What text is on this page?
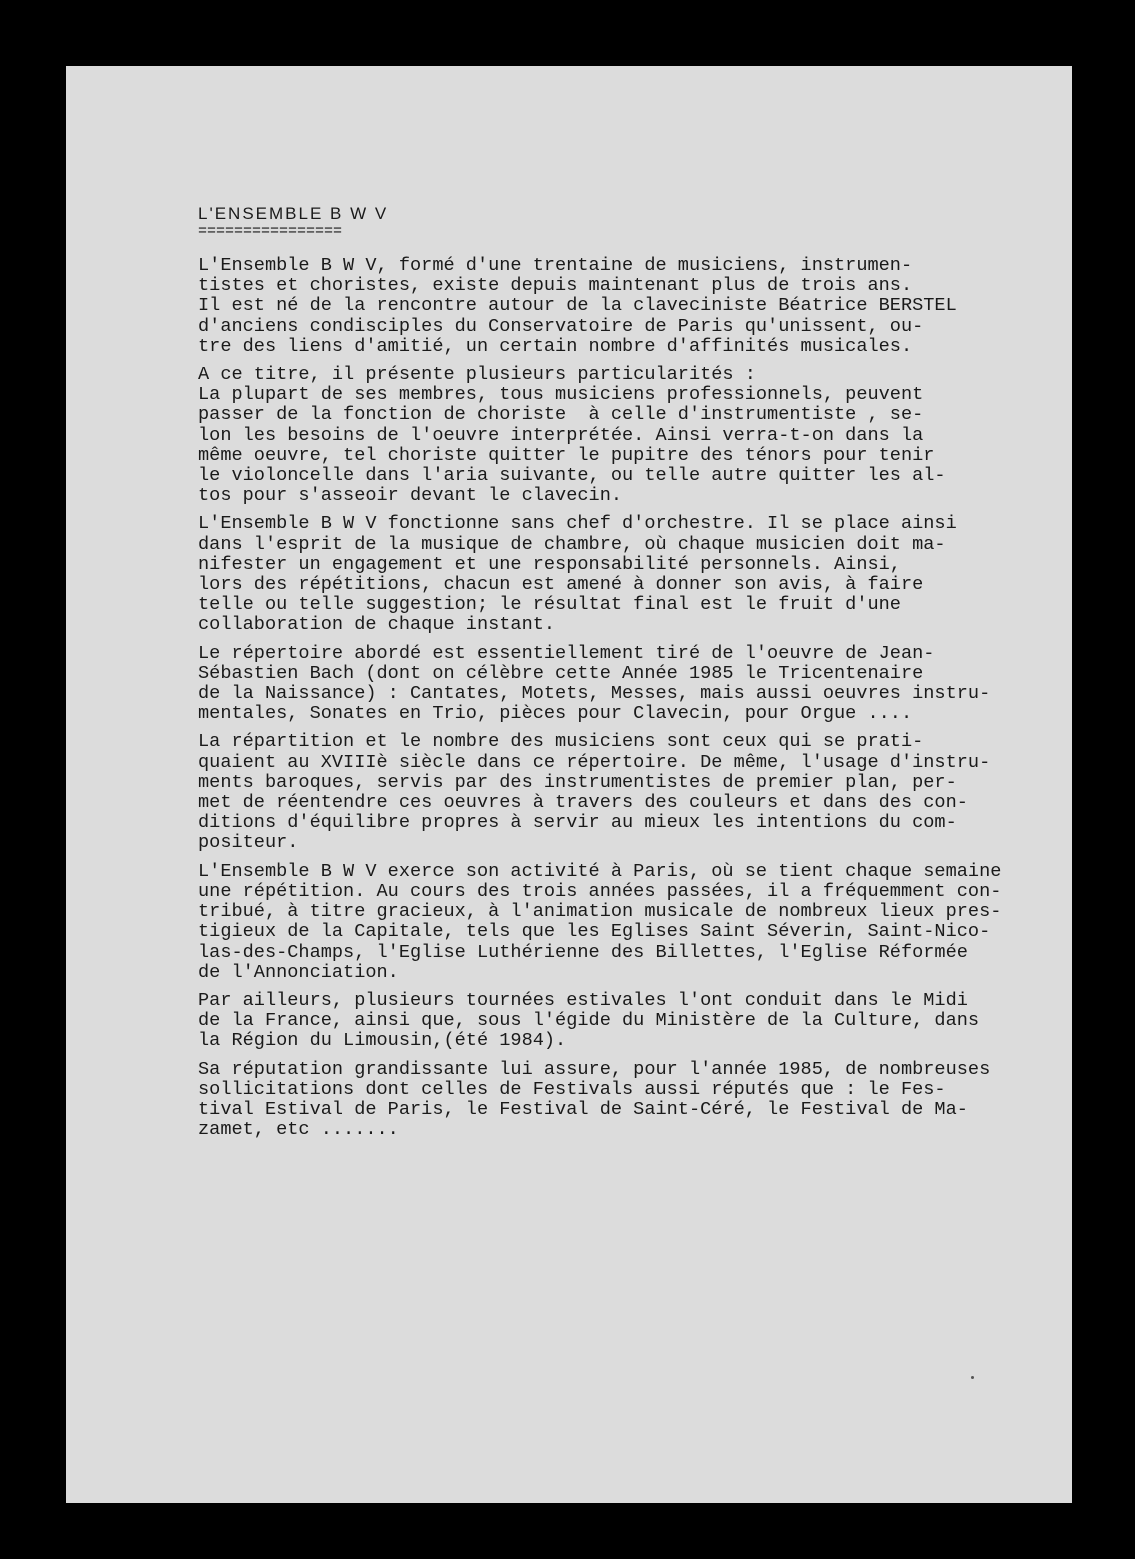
L'ENSEMBLE B W V

================

L'Ensemble B W V, formé d'une trentaine de musiciens, instrumen-
tistes et choristes, existe depuis maintenant plus de trois ans.
Il est né de la rencontre autour de la claveciniste Béatrice BERSTEL
d'anciens condisciples du Conservatoire de Paris qu'unissent, ou-
tre des liens d'amitié, un certain nombre d'affinités musicales.

A ce titre, il présente plusieurs particularités :
La plupart de ses membres, tous musiciens professionnels, peuvent
passer de la fonction de choriste  à celle d'instrumentiste , se-
lon les besoins de l'oeuvre interprétée. Ainsi verra-t-on dans la
même oeuvre, tel choriste quitter le pupitre des ténors pour tenir
le violoncelle dans l'aria suivante, ou telle autre quitter les al-
tos pour s'asseoir devant le clavecin.

L'Ensemble B W V fonctionne sans chef d'orchestre. Il se place ainsi
dans l'esprit de la musique de chambre, où chaque musicien doit ma-
nifester un engagement et une responsabilité personnels. Ainsi,
lors des répétitions, chacun est amené à donner son avis, à faire
telle ou telle suggestion; le résultat final est le fruit d'une
collaboration de chaque instant.

Le répertoire abordé est essentiellement tiré de l'oeuvre de Jean-
Sébastien Bach (dont on célèbre cette Année 1985 le Tricentenaire
de la Naissance) : Cantates, Motets, Messes, mais aussi oeuvres instru-
mentales, Sonates en Trio, pièces pour Clavecin, pour Orgue ....

La répartition et le nombre des musiciens sont ceux qui se prati-
quaient au XVIIIè siècle dans ce répertoire. De même, l'usage d'instru-
ments baroques, servis par des instrumentistes de premier plan, per-
met de réentendre ces oeuvres à travers des couleurs et dans des con-
ditions d'équilibre propres à servir au mieux les intentions du com-
positeur.

L'Ensemble B W V exerce son activité à Paris, où se tient chaque semaine
une répétition. Au cours des trois années passées, il a fréquemment con-
tribué, à titre gracieux, à l'animation musicale de nombreux lieux pres-
tigieux de la Capitale, tels que les Eglises Saint Séverin, Saint-Nico-
las-des-Champs, l'Eglise Luthérienne des Billettes, l'Eglise Réformée
de l'Annonciation.

Par ailleurs, plusieurs tournées estivales l'ont conduit dans le Midi
de la France, ainsi que, sous l'égide du Ministère de la Culture, dans
la Région du Limousin,(été 1984).

Sa réputation grandissante lui assure, pour l'année 1985, de nombreuses
sollicitations dont celles de Festivals aussi réputés que : le Fes-
tival Estival de Paris, le Festival de Saint-Céré, le Festival de Ma-
zamet, etc .......
